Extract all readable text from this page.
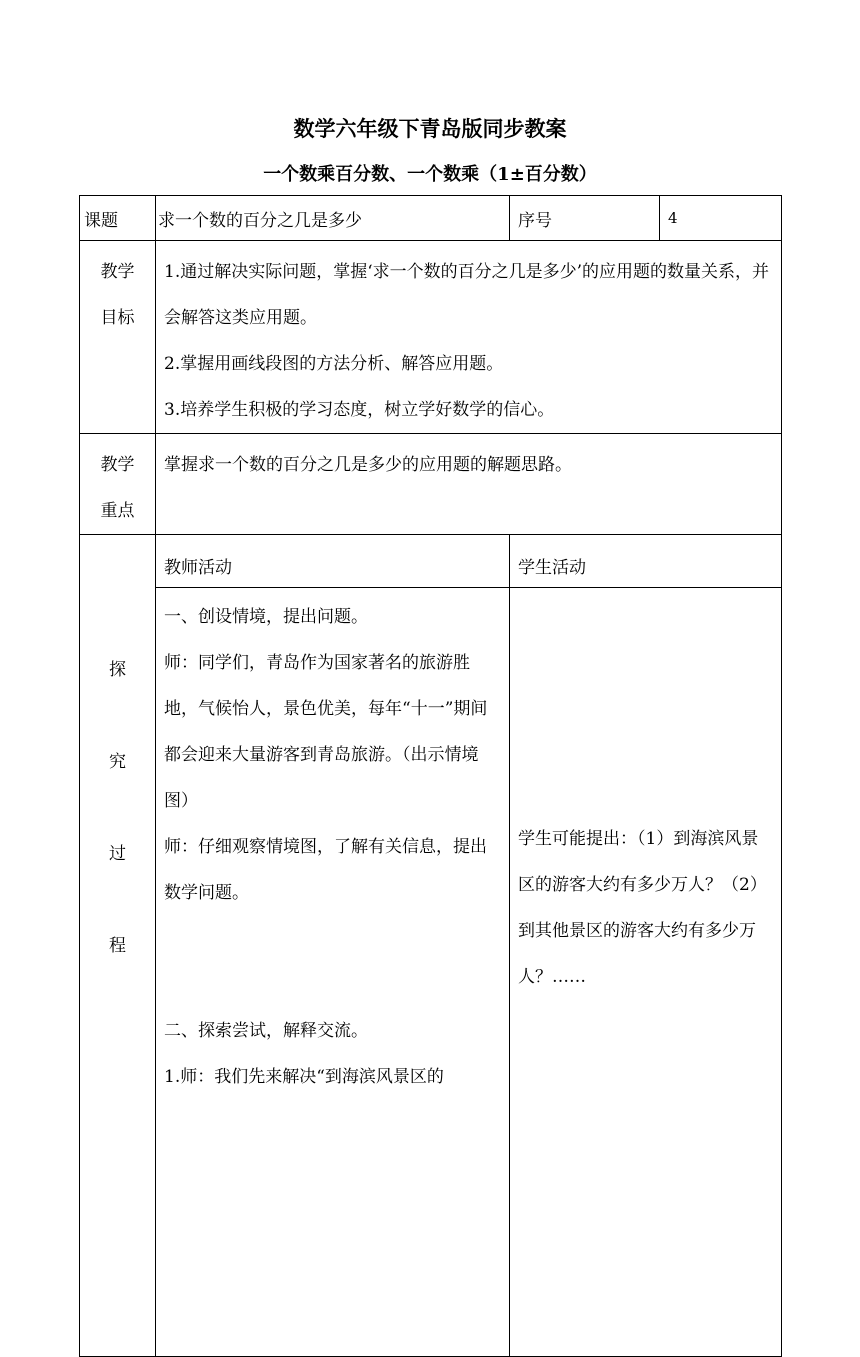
数学六年级下青岛版同步教案
一个数乘百分数、一个数乘（1±百分数）
课题	求一个数的百分之几是多少	序号	4

教学
目标	1.通过解决实际问题，掌握‘求一个数的百分之几是多少’的应用题的数量关系，并会解答这类应用题。
2.掌握用画线段图的方法分析、解答应用题。
3.培养学生积极的学习态度，树立学好数学的信心。		

教学
重点	掌握求一个数的百分之几是多少的应用题的解题思路。		

探
究
过
程	教师活动	学生活动	

	一、创设情境，提出问题。
师：同学们，青岛作为国家著名的旅游胜地，气候怡人，景色优美，每年“十一”期间都会迎来大量游客到青岛旅游。（出示情境图）
师：仔细观察情境图，了解有关信息，提出数学问题。
二、探索尝试，解释交流。
1.师：我们先来解决“到海滨风景区的	学生可能提出：（1）到海滨风景区的游客大约有多少万人？（2）到其他景区的游客大约有多少万人？……	
